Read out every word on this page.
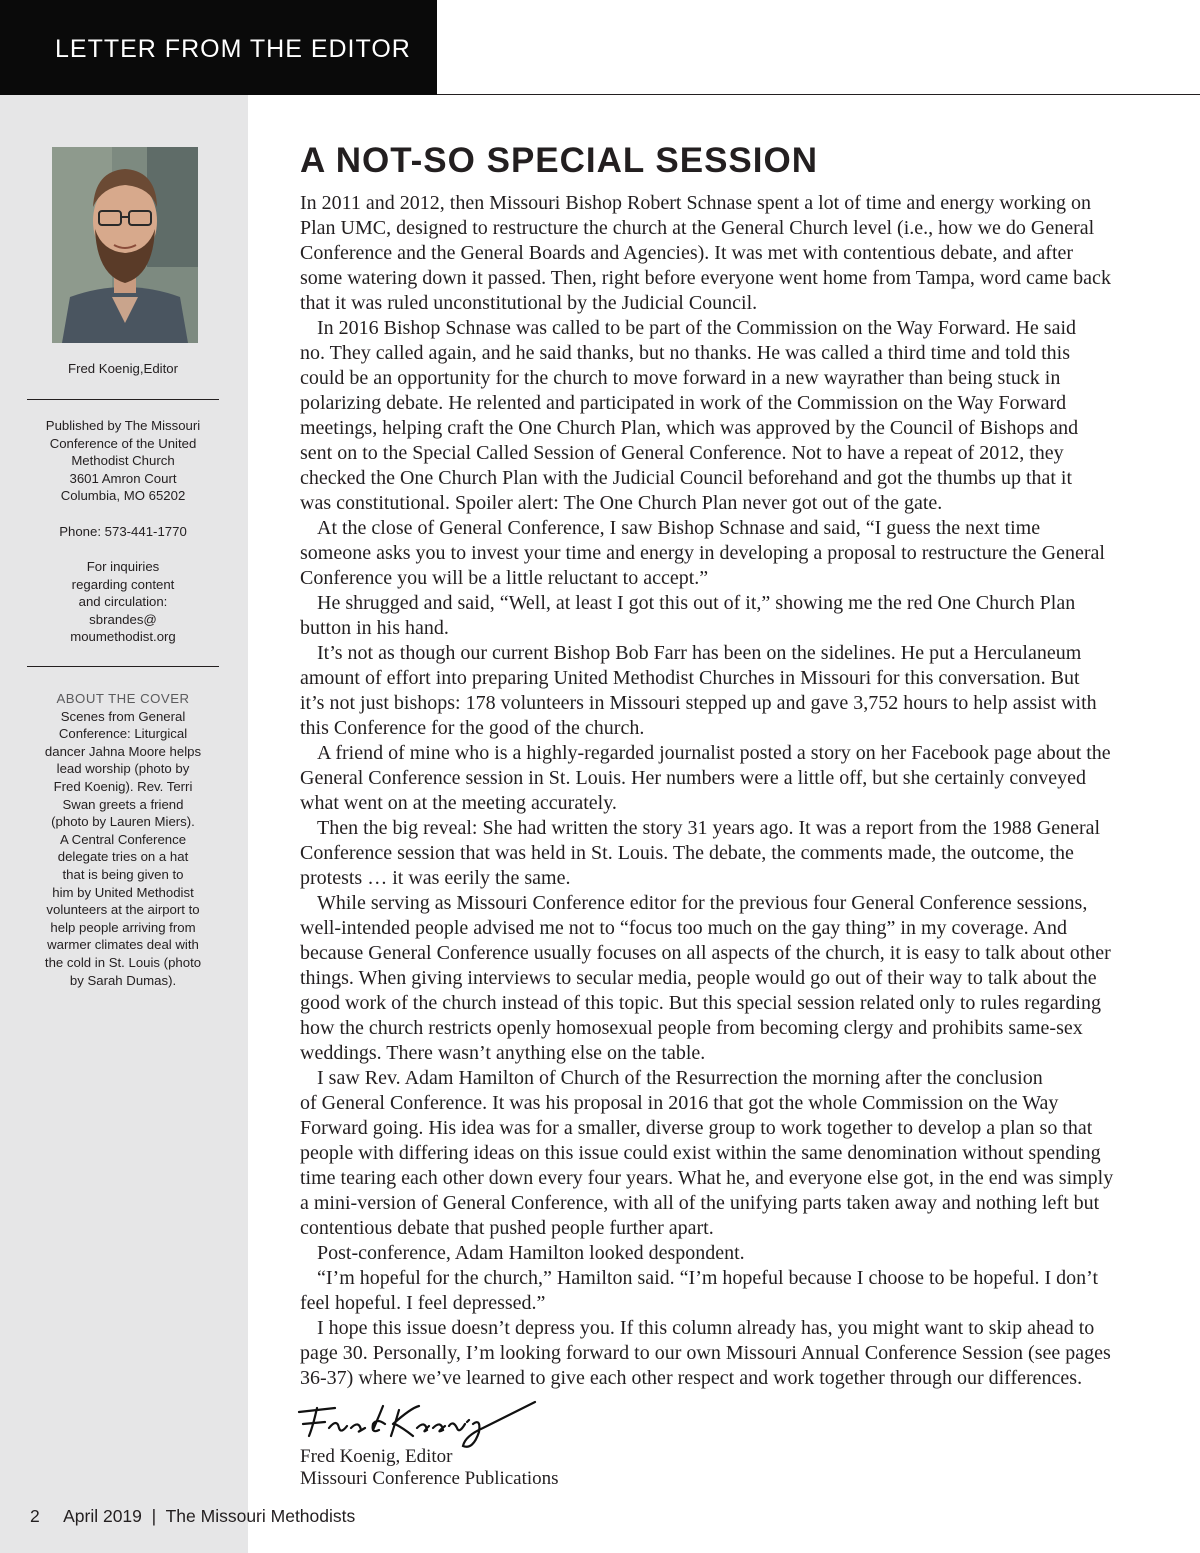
LETTER FROM THE EDITOR
Fred Koenig,Editor
Published by The Missouri
Conference of the United
Methodist Church
3601 Amron Court
Columbia, MO 65202
Phone: 573-441-1770
For inquiries
regarding content
and circulation:
sbrandes@
moumethodist.org
ABOUT THE COVER
Scenes from General
Conference: Liturgical
dancer Jahna Moore helps
lead worship (photo by
Fred Koenig). Rev. Terri
Swan greets a friend
(photo by Lauren Miers).
A Central Conference
delegate tries on a hat
that is being given to
him by United Methodist
volunteers at the airport to
help people arriving from
warmer climates deal with
the cold in St. Louis (photo
by Sarah Dumas).
A NOT-SO SPECIAL SESSION

In 2011 and 2012, then Missouri Bishop Robert Schnase spent a lot of time and energy working on
Plan UMC, designed to restructure the church at the General Church level (i.e., how we do General
Conference and the General Boards and Agencies). It was met with contentious debate, and after
some watering down it passed. Then, right before everyone went home from Tampa, word came back
that it was ruled unconstitutional by the Judicial Council.

In 2016 Bishop Schnase was called to be part of the Commission on the Way Forward. He said
no. They called again, and he said thanks, but no thanks. He was called a third time and told this
could be an opportunity for the church to move forward in a new wayrather than being stuck in
polarizing debate. He relented and participated in work of the Commission on the Way Forward
meetings, helping craft the One Church Plan, which was approved by the Council of Bishops and
sent on to the Special Called Session of General Conference. Not to have a repeat of 2012, they
checked the One Church Plan with the Judicial Council beforehand and got the thumbs up that it
was constitutional. Spoiler alert: The One Church Plan never got out of the gate.

At the close of General Conference, I saw Bishop Schnase and said, “I guess the next time
someone asks you to invest your time and energy in developing a proposal to restructure the General
Conference you will be a little reluctant to accept.”

He shrugged and said, “Well, at least I got this out of it,” showing me the red One Church Plan
button in his hand.

It’s not as though our current Bishop Bob Farr has been on the sidelines. He put a Herculaneum
amount of effort into preparing United Methodist Churches in Missouri for this conversation. But
it’s not just bishops: 178 volunteers in Missouri stepped up and gave 3,752 hours to help assist with
this Conference for the good of the church.

A friend of mine who is a highly-regarded journalist posted a story on her Facebook page about the
General Conference session in St. Louis. Her numbers were a little off, but she certainly conveyed
what went on at the meeting accurately.

Then the big reveal: She had written the story 31 years ago. It was a report from the 1988 General
Conference session that was held in St. Louis. The debate, the comments made, the outcome, the
protests … it was eerily the same.

While serving as Missouri Conference editor for the previous four General Conference sessions,
well-intended people advised me not to “focus too much on the gay thing” in my coverage. And
because General Conference usually focuses on all aspects of the church, it is easy to talk about other
things. When giving interviews to secular media, people would go out of their way to talk about the
good work of the church instead of this topic. But this special session related only to rules regarding
how the church restricts openly homosexual people from becoming clergy and prohibits same-sex
weddings. There wasn’t anything else on the table.

I saw Rev. Adam Hamilton of Church of the Resurrection the morning after the conclusion
of General Conference. It was his proposal in 2016 that got the whole Commission on the Way
Forward going. His idea was for a smaller, diverse group to work together to develop a plan so that
people with differing ideas on this issue could exist within the same denomination without spending
time tearing each other down every four years. What he, and everyone else got, in the end was simply
a mini-version of General Conference, with all of the unifying parts taken away and nothing left but
contentious debate that pushed people further apart.

Post-conference, Adam Hamilton looked despondent.

“I’m hopeful for the church,” Hamilton said. “I’m hopeful because I choose to be hopeful. I don’t
feel hopeful. I feel depressed.”

I hope this issue doesn’t depress you. If this column already has, you might want to skip ahead to
page 30. Personally, I’m looking forward to our own Missouri Annual Conference Session (see pages
36-37) where we’ve learned to give each other respect and work together through our differences.

Fred Koenig, Editor
Missouri Conference Publications
2 April 2019 | The Missouri Methodists
